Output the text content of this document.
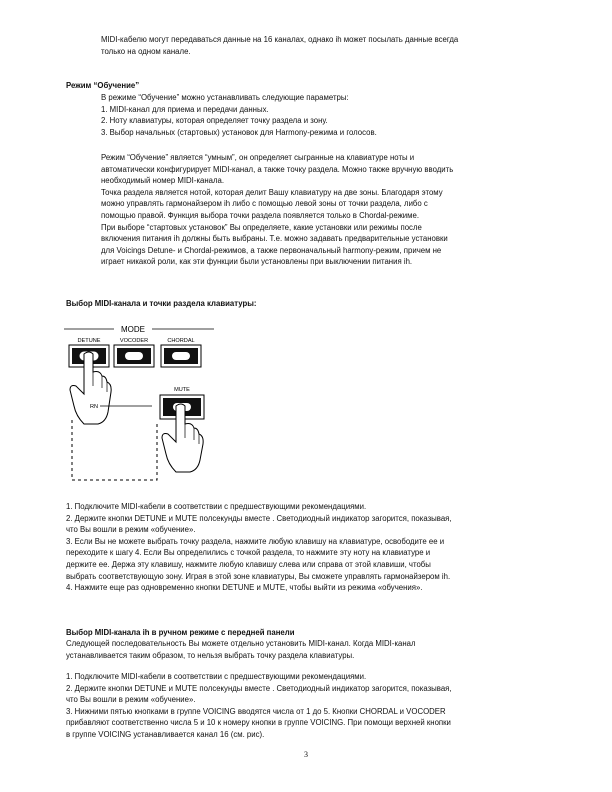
MIDI-кабелю могут передаваться данные на 16 каналах, однако ih может посылать данные всегда

только на одном канале.

Режим “Обучение”

В режиме “Обучение” можно устанавливать следующие параметры:

1. MIDI-канал для приема и передачи данных.

2. Ноту клавиатуры, которая определяет точку раздела и зону.

3. Выбор начальных (стартовых) установок для Harmony-режима и голосов.

Режим “Обучение” является “умным”, он определяет сыгранные на клавиатуре ноты и

автоматически конфигурирует MIDI-канал, а также точку раздела. Можно также вручную вводить

необходимый номер MIDI-канала.

Точка раздела является нотой, которая делит Вашу клавиатуру на две зоны. Благодаря этому

можно управлять гармонайзером ih либо с помощью левой зоны от точки раздела, либо с

помощью правой. Функция выбора точки раздела появляется только в Chordal-режиме.

При выборе “стартовых установок” Вы определяете, какие установки или режимы после

включения питания ih должны быть выбраны. Т.е. можно задавать предварительные установки

для Voicings Detune- и Chordal-режимов, а также первоначальный harmony-режим, причем не

играет никакой роли, как эти функции были установлены при выключении питания ih.

Выбор MIDI-канала и точки раздела клавиатуры:
MODE
DETUNE	VOCODER	CHORDAL
RN
MUTE

1. Подключите MIDI-кабели в соответствии с предшествующими рекомендациями.

2. Держите кнопки DETUNE и MUTE полсекунды вместе . Светодиодный индикатор загорится, показывая,

что Вы вошли в режим «обучение».

3. Если Вы не можете выбрать точку раздела, нажмите любую клавишу на клавиатуре, освободите ее и

переходите к шагу 4. Если Вы определились с точкой раздела, то нажмите эту ноту на клавиатуре и

держите ее. Держа эту клавишу, нажмите любую клавишу слева или справа от этой клавиши, чтобы

выбрать соответствующую зону. Играя в этой зоне клавиатуры, Вы сможете управлять гармонайзером ih.

4. Нажмите еще раз одновременно кнопки DETUNE и MUTE, чтобы выйти из режима «обучения».

Выбор MIDI-канала ih в ручном режиме с передней панели

Следующей последовательность Вы можете отдельно установить MIDI-канал. Когда MIDI-канал

устанавливается таким образом, то нельзя выбрать точку раздела клавиатуры.

1. Подключите MIDI-кабели в соответствии с предшествующими рекомендациями.

2. Держите кнопки DETUNE и MUTE полсекунды вместе . Светодиодный индикатор загорится, показывая,

что Вы вошли в режим «обучение».

3. Нижними пятью кнопками в группе VOICING вводятся числа от 1 до 5. Кнопки CHORDAL и VOCODER

прибавляют соответственно числа 5 и 10 к номеру кнопки в группе VOICING. При помощи верхней кнопки

в группе VOICING устанавливается канал 16 (см. рис).

3
